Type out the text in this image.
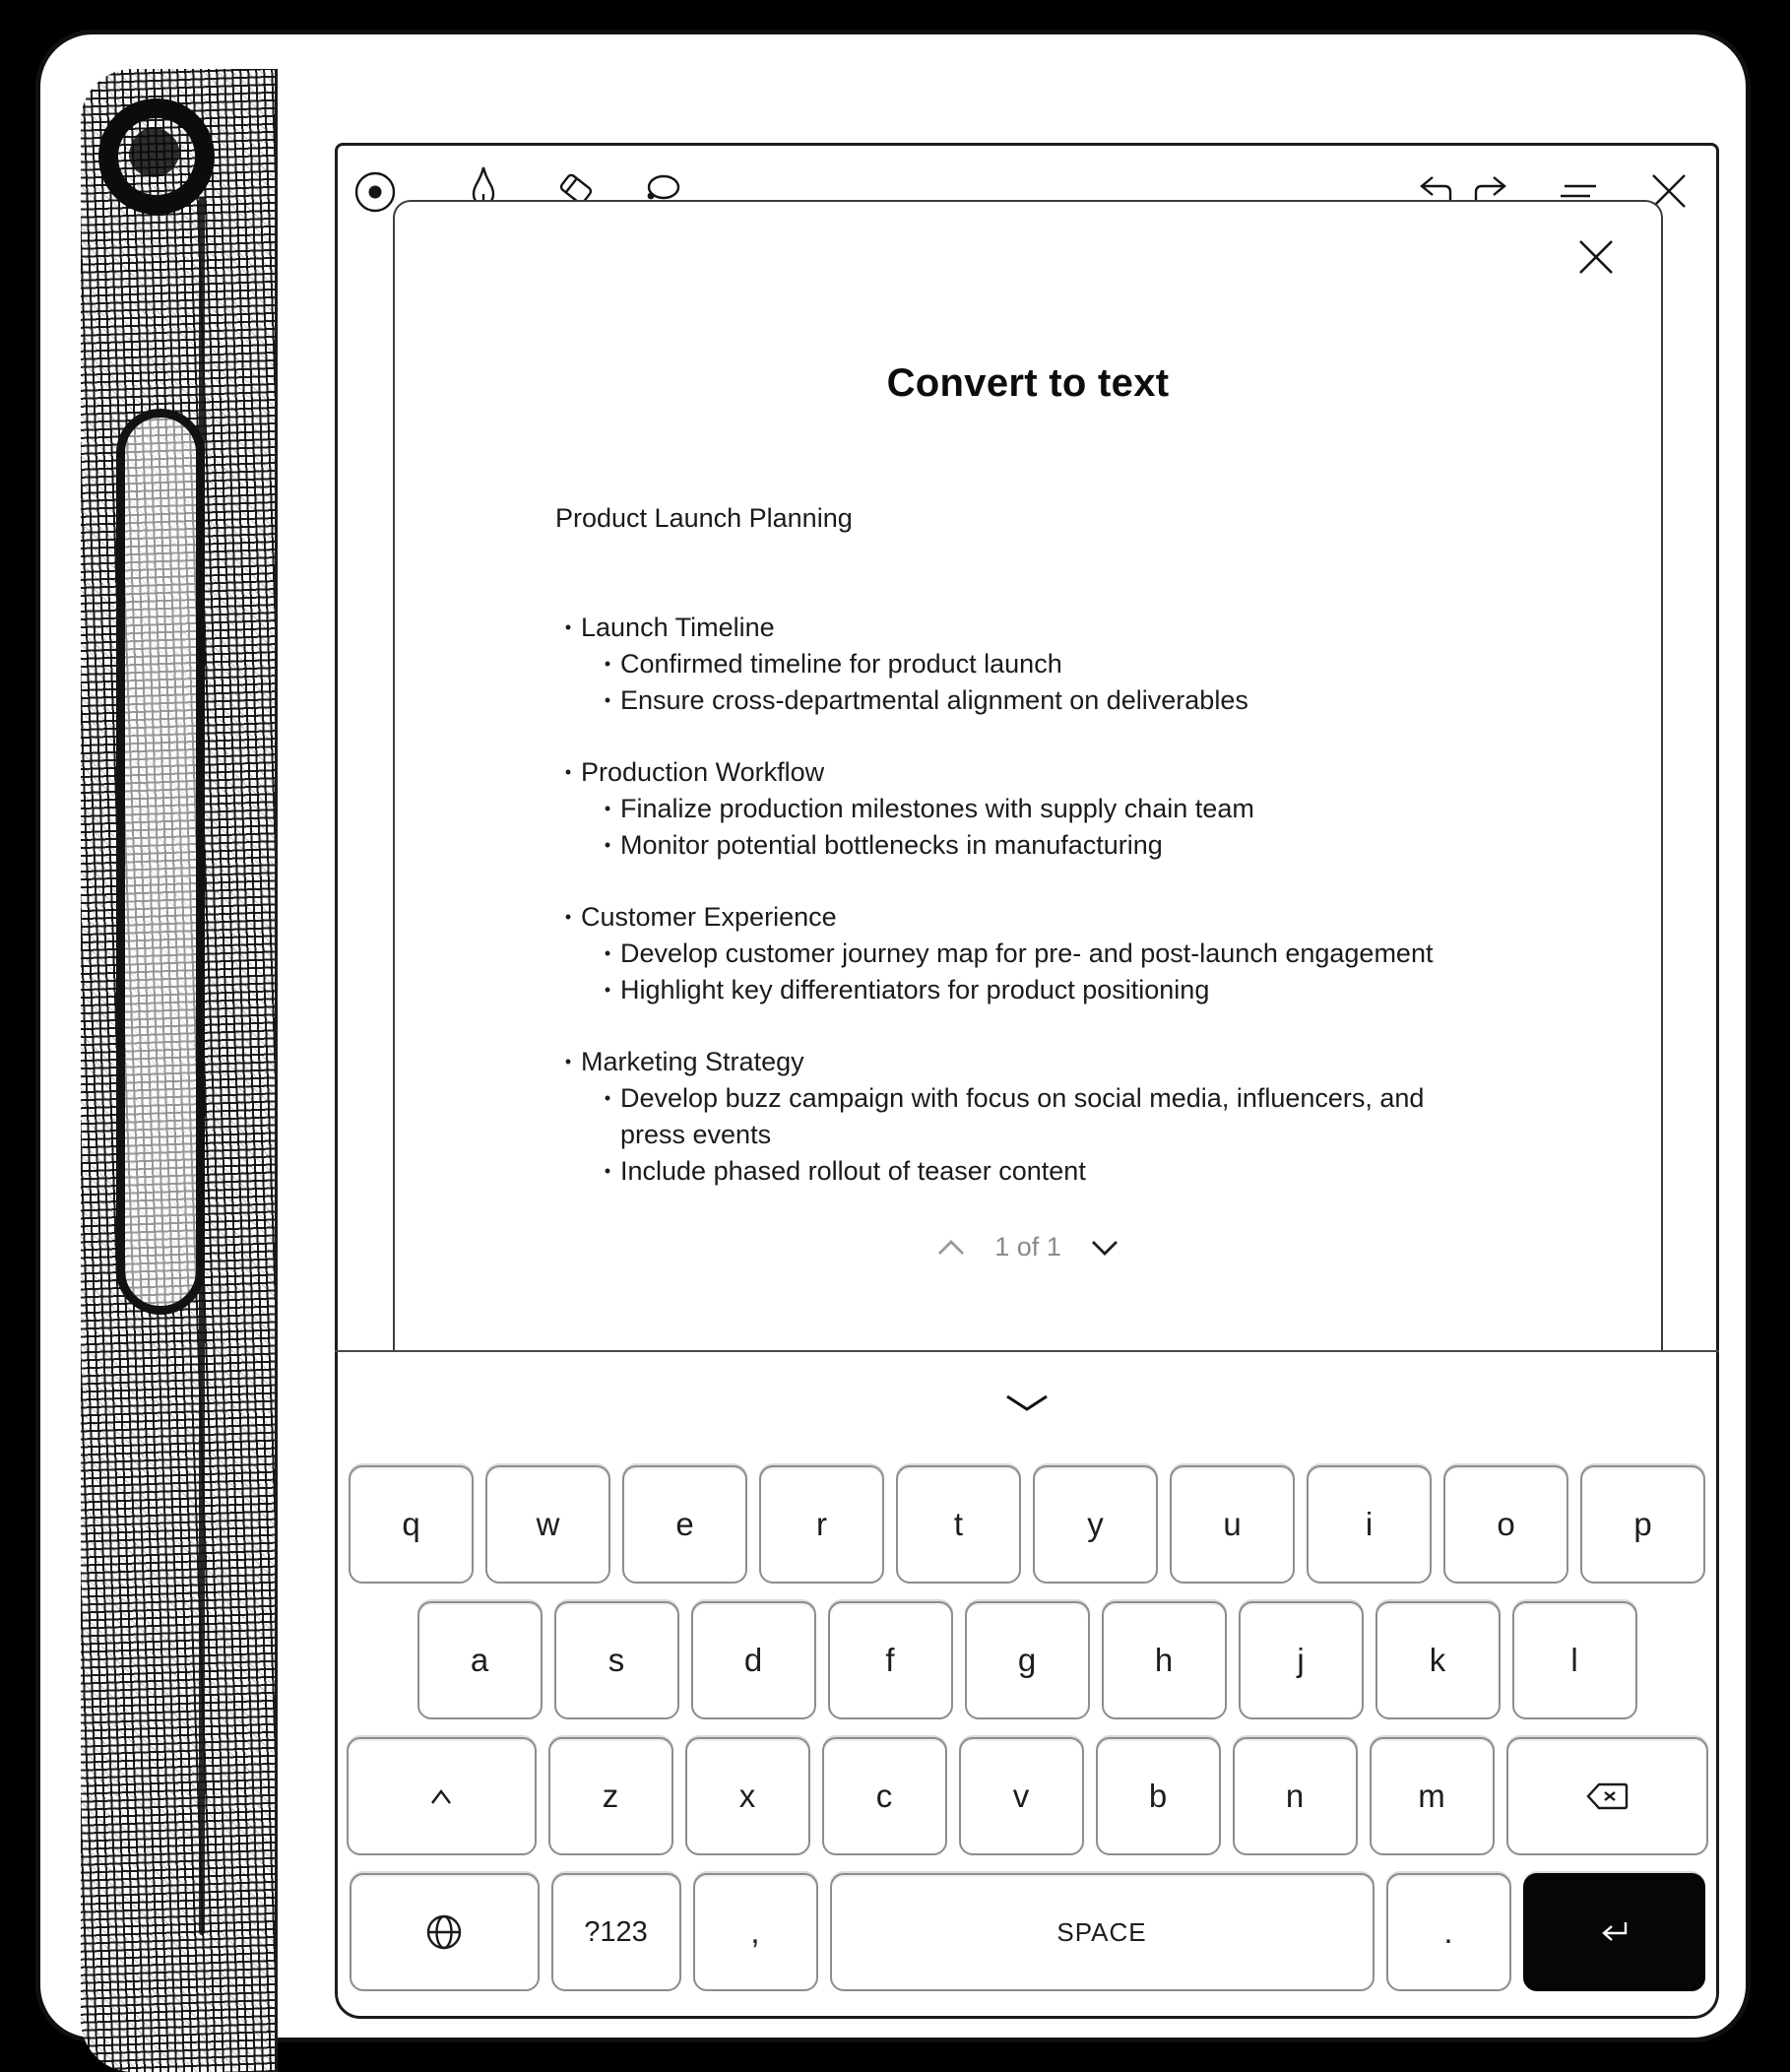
Convert to text
Product Launch Planning
• Launch Timeline
• Confirmed timeline for product launch
• Ensure cross-departmental alignment on deliverables
• Production Workflow
• Finalize production milestones with supply chain team
• Monitor potential bottlenecks in manufacturing
• Customer Experience
• Develop customer journey map for pre- and post-launch engagement
• Highlight key differentiators for product positioning
• Marketing Strategy
• Develop buzz campaign with focus on social media, influencers, and press events
• Include phased rollout of teaser content
1 of 1
q	w	e	r	t	y	u	i	o	p
a	s	d	f	g	h	j	k	l
z	x	c	v	b	n	m
?123	,	SPACE	.
